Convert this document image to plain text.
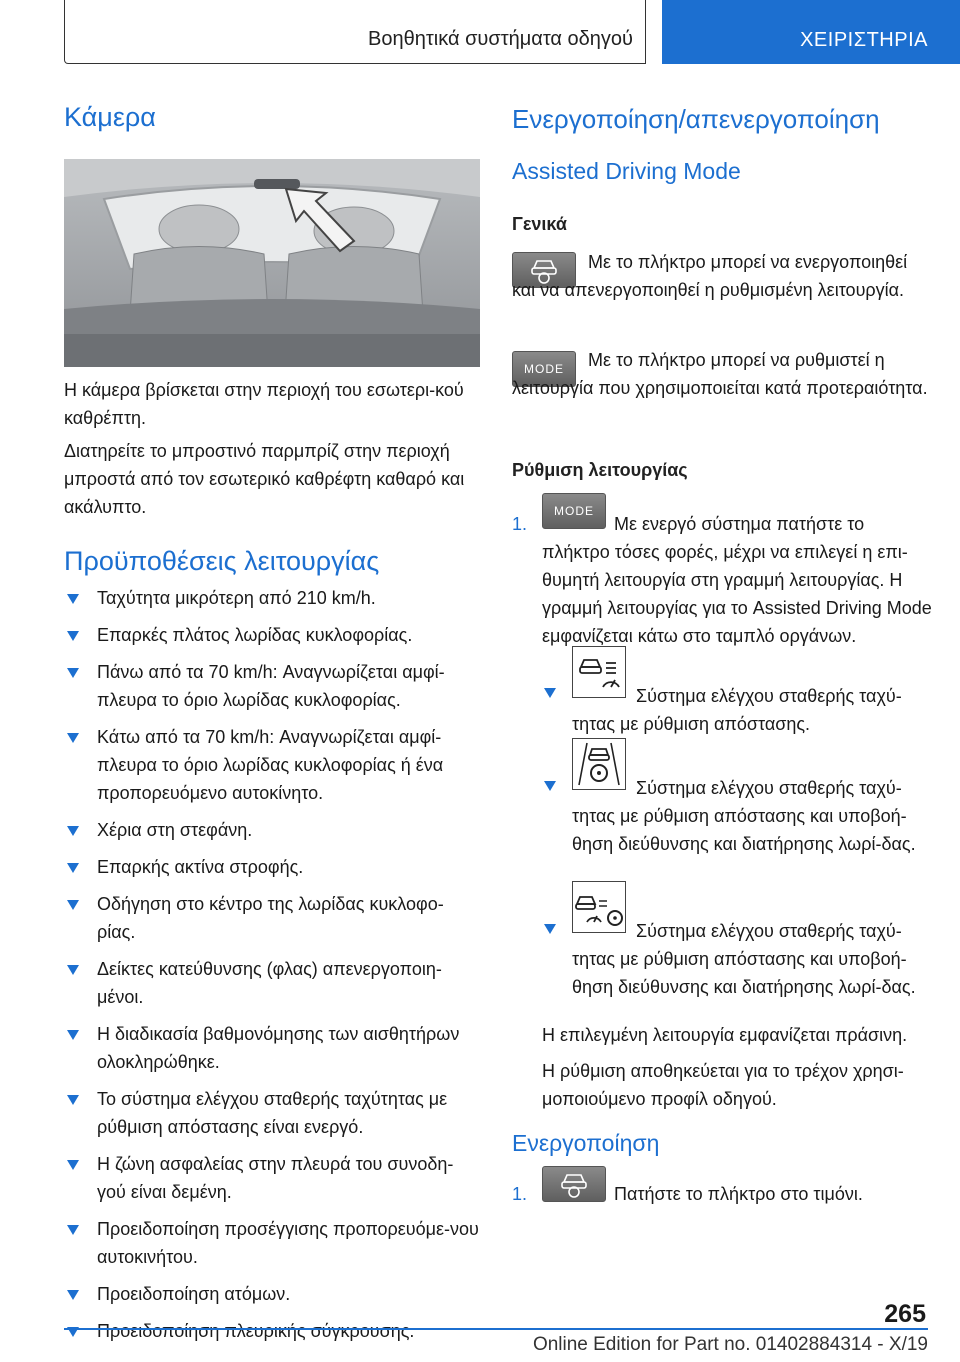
Βοηθητικά συστήματα οδηγού	ΧΕΙΡΙΣΤΗΡΙΑ
Κάμερα

Η κάμερα βρίσκεται στην περιοχή του εσωτερι-κού καθρέπτη.

Διατηρείτε το μπροστινό παρμπρίζ στην περιοχή μπροστά από τον εσωτερικό καθρέφτη καθαρό και ακάλυπτο.

Προϋποθέσεις λειτουργίας
Ταχύτητα μικρότερη από 210 km/h.
Επαρκές πλάτος λωρίδας κυκλοφορίας.
Πάνω από τα 70 km/h: Αναγνωρίζεται αμφί-πλευρα το όριο λωρίδας κυκλοφορίας.
Κάτω από τα 70 km/h: Αναγνωρίζεται αμφί-πλευρα το όριο λωρίδας κυκλοφορίας ή ένα προπορευόμενο αυτοκίνητο.
Χέρια στη στεφάνη.
Επαρκής ακτίνα στροφής.
Οδήγηση στο κέντρο της λωρίδας κυκλοφο-ρίας.
Δείκτες κατεύθυνσης (φλας) απενεργοποιη-μένοι.
Η διαδικασία βαθμονόμησης των αισθητήρων ολοκληρώθηκε.
Το σύστημα ελέγχου σταθερής ταχύτητας με ρύθμιση απόστασης είναι ενεργό.
Η ζώνη ασφαλείας στην πλευρά του συνοδη-γού είναι δεμένη.
Προειδοποίηση προσέγγισης προπορευόμε-νου αυτοκινήτου.
Προειδοποίηση ατόμων.
Προειδοποίηση πλευρικής σύγκρουσης.
Ενεργοποίηση/απενεργοποίηση
Assisted Driving Mode
Γενικά

Με το πλήκτρο μπορεί να ενεργοποιηθεί και να απενεργοποιηθεί η ρυθμισμένη λειτουργία.

MODE	Με το πλήκτρο μπορεί να ρυθμιστεί η λειτουργία που χρησιμοποιείται κατά προτεραιότητα.

Ρύθμιση λειτουργίας
1.
MODE

Με ενεργό σύστημα πατήστε το πλήκτρο τόσες φορές, μέχρι να επιλεγεί η επι-θυμητή λειτουργία στη γραμμή λειτουργίας. Η γραμμή λειτουργίας για το Assisted Driving Mode εμφανίζεται κάτω στο ταμπλό οργάνων.

Σύστημα ελέγχου σταθερής ταχύ-τητας με ρύθμιση απόστασης.

Σύστημα ελέγχου σταθερής ταχύ-τητας με ρύθμιση απόστασης και υποβοή-θηση διεύθυνσης και διατήρησης λωρί-δας.

Σύστημα ελέγχου σταθερής ταχύ-τητας με ρύθμιση απόστασης και υποβοή-θηση διεύθυνσης και διατήρησης λωρί-δας.

Η επιλεγμένη λειτουργία εμφανίζεται πράσινη.

Η ρύθμιση αποθηκεύεται για το τρέχον χρησι-μοποιούμενο προφίλ οδηγού.

Ενεργοποίηση
1.	Πατήστε το πλήκτρο στο τιμόνι.

265
Online Edition for Part no. 01402884314 - X/19
